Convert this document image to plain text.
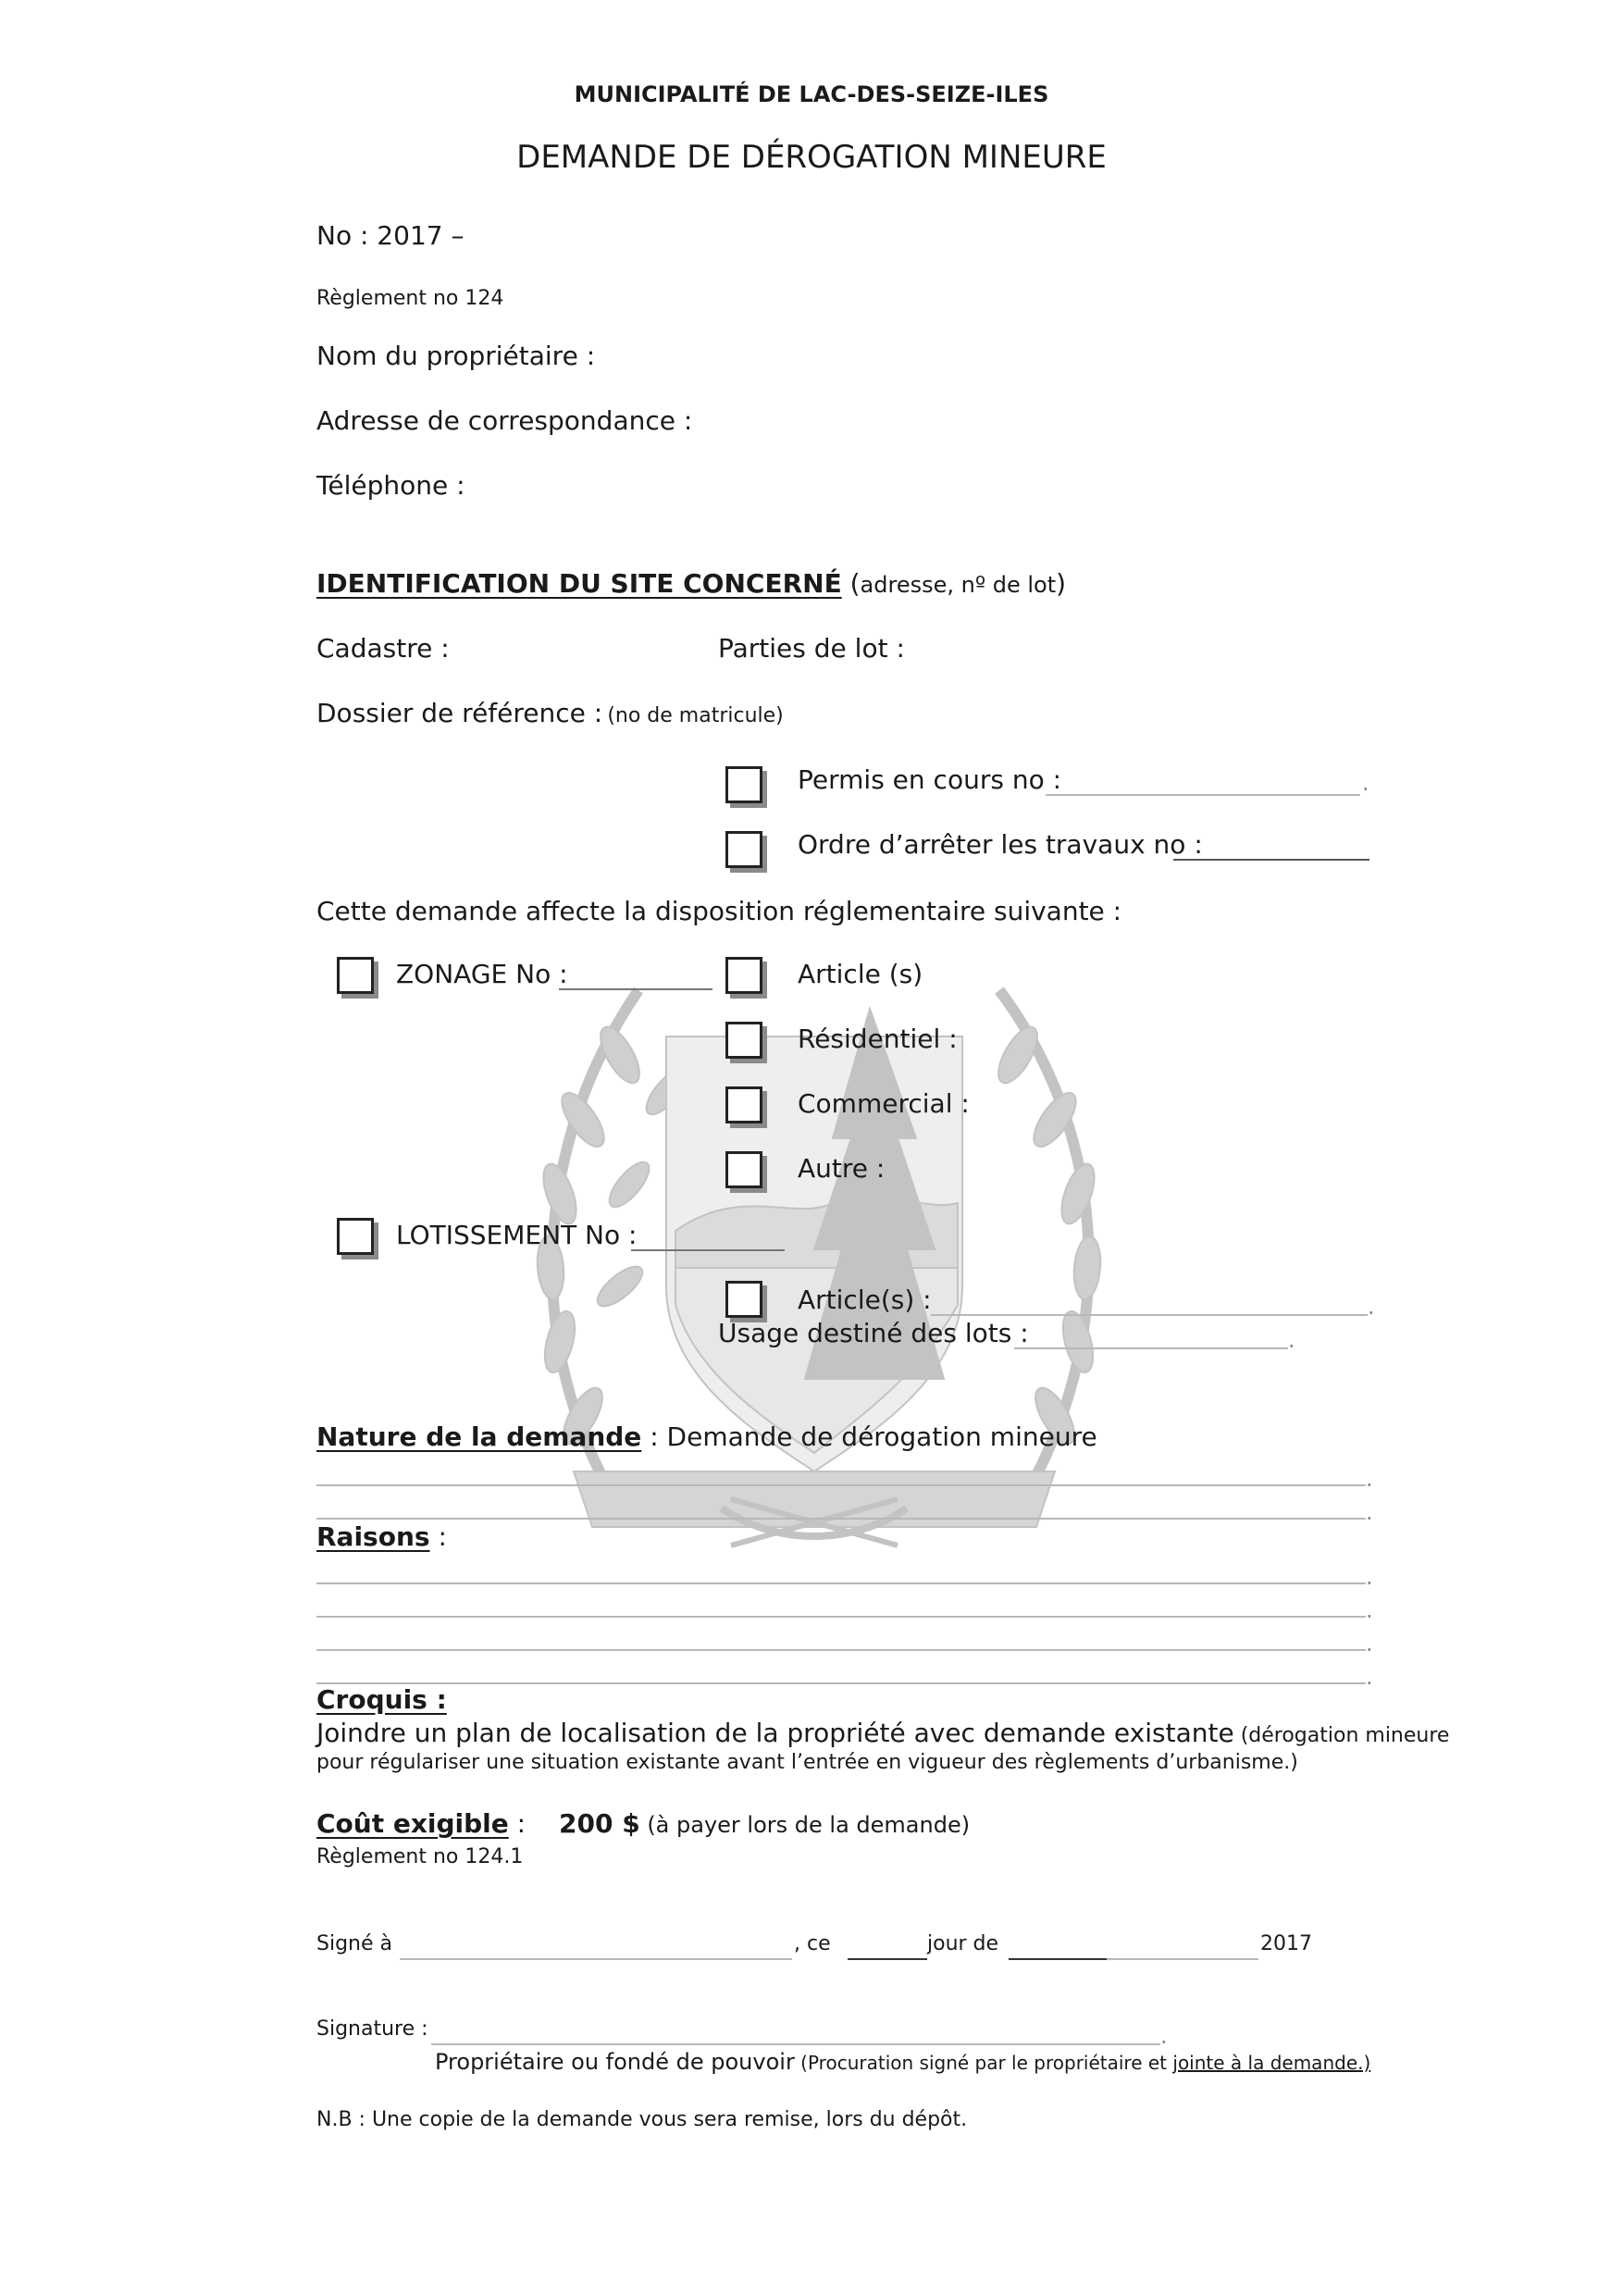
MUNICIPALITÉ DE LAC-DES-SEIZE-ILES
DEMANDE DE DÉROGATION MINEURE
No : 2017 –
Règlement no 124
Nom du propriétaire :
Adresse de correspondance :
Téléphone :
IDENTIFICATION DU SITE CONCERNÉ (adresse, nº de lot)
Cadastre :	Parties de lot :
Dossier de référence : (no de matricule)
Permis en cours no :	.
Ordre d’arrêter les travaux no :
Cette demande affecte la disposition réglementaire suivante :
ZONAGE No :	Article (s)
Résidentiel :
Commercial :
Autre :
LOTISSEMENT No :
Article(s) :	.
Usage destiné des lots :	.
Nature de la demande : Demande de dérogation mineure
.
.
Raisons :
.
.
.
.
Croquis :
Joindre un plan de localisation de la propriété avec demande existante (dérogation mineure
pour régulariser une situation existante avant l’entrée en vigueur des règlements d’urbanisme.)
Coût exigible : 200 $ (à payer lors de la demande)
Règlement no 124.1
Signé à	, ce	jour de	2017
Signature :	.
Propriétaire ou fondé de pouvoir (Procuration signé par le propriétaire et jointe à la demande.)
N.B : Une copie de la demande vous sera remise, lors du dépôt.
